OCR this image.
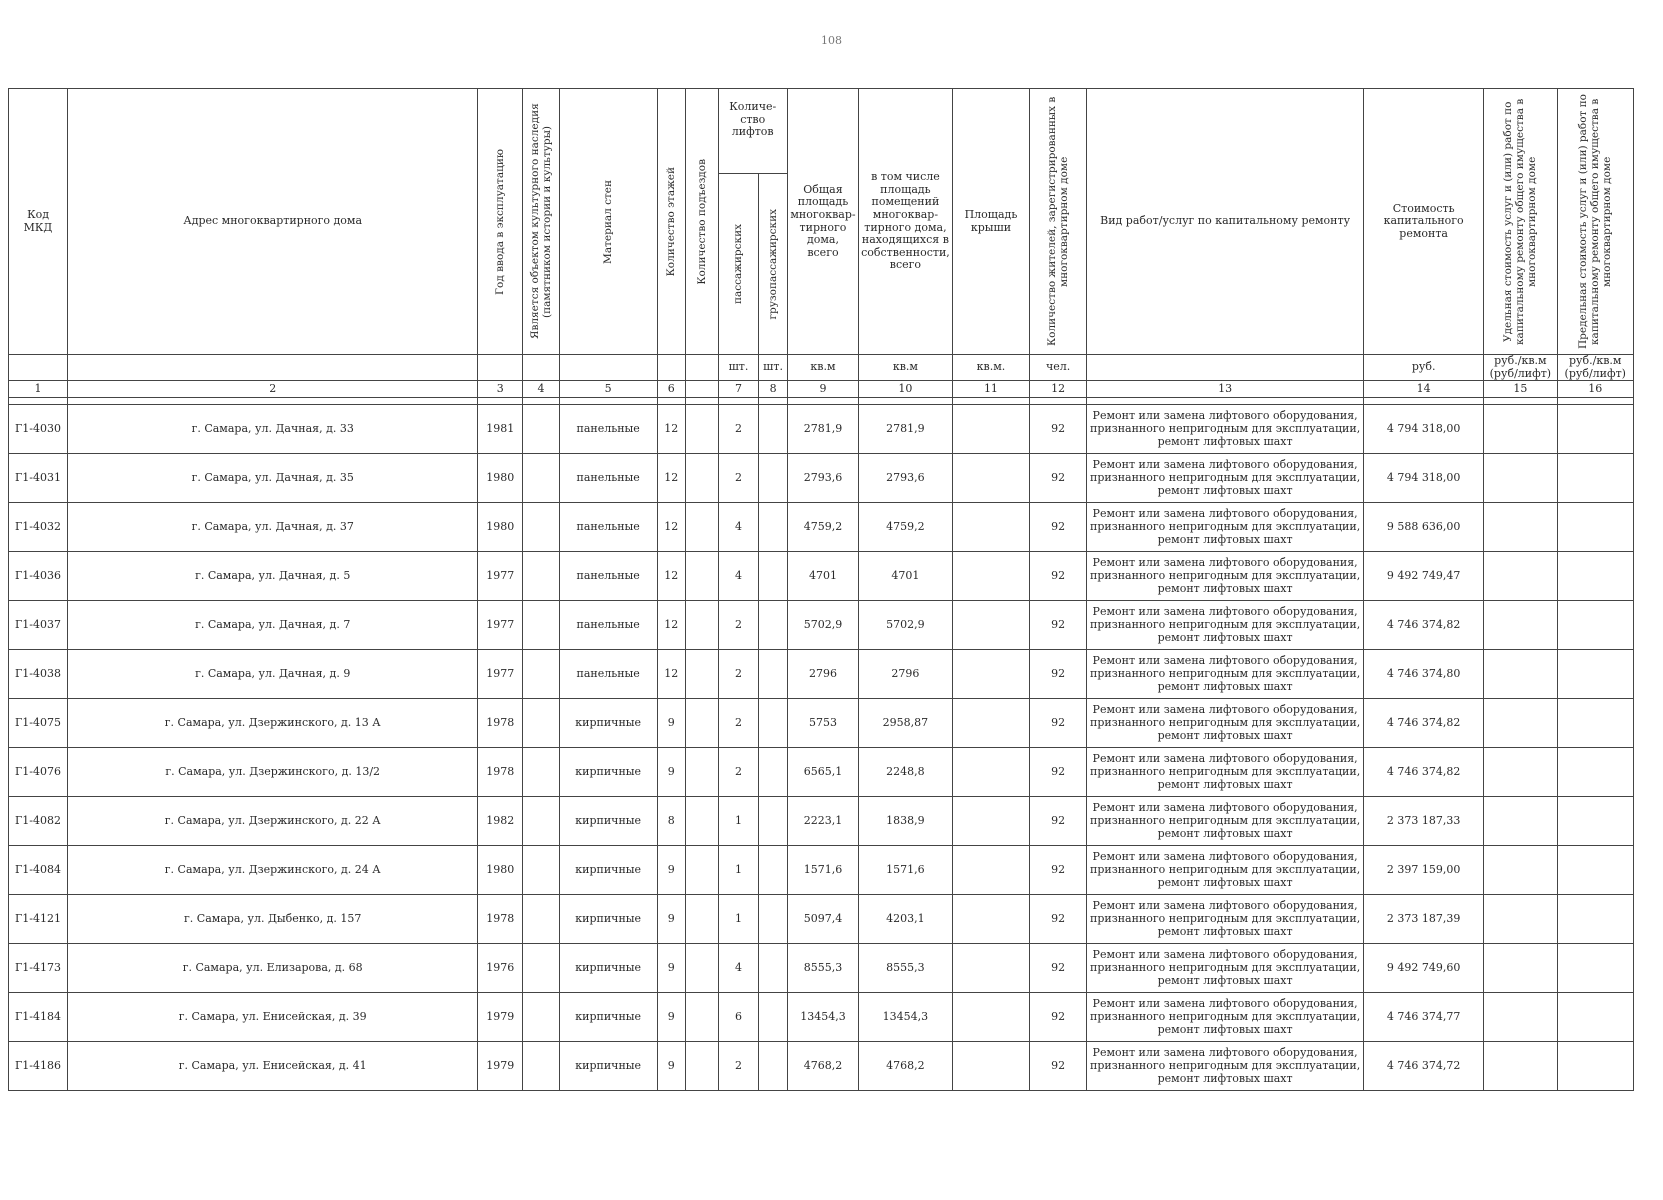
108
Код МКД	Адрес многоквартирного дома	Год ввода в эксплуатацию	Является объектом культурного наследия (памятником истории и культуры)	Материал стен	Количество этажей	Количество подъездов	Количе- ство лифтов		Общая площадь многоквар- тирного дома, всего	в том числе площадь помещений многоквар- тирного дома, находящихся в собственности, всего	Площадь крыши	Количество жителей, зарегистрированных в многоквартирном доме	Вид работ/услуг по капитальному ремонту	Стоимость капитального ремонта	Удельная стоимость услуг и (или) работ по капитальному ремонту общего имущества в многоквартирном доме	Предельная стоимость услуг и (или) работ по капитальному ремонту общего имущества в многоквартирном доме

							пассажирских	грузопассажирских								

							шт.	шт.	кв.м	кв.м	кв.м.	чел.		руб.	руб./кв.м (руб/лифт)	руб./кв.м (руб/лифт)
1	2	3	4	5	6		7	8	9	10	11	12	13	14	15	16

Г1-4030	г. Самара, ул. Дачная, д. 33	1981		панельные	12		2		2781,9	2781,9		92	Ремонт или замена лифтового оборудования, признанного непригодным для эксплуатации, ремонт лифтовых шахт	4 794 318,00		
Г1-4031	г. Самара, ул. Дачная, д. 35	1980		панельные	12		2		2793,6	2793,6		92	Ремонт или замена лифтового оборудования, признанного непригодным для эксплуатации, ремонт лифтовых шахт	4 794 318,00		
Г1-4032	г. Самара, ул. Дачная, д. 37	1980		панельные	12		4		4759,2	4759,2		92	Ремонт или замена лифтового оборудования, признанного непригодным для эксплуатации, ремонт лифтовых шахт	9 588 636,00		
Г1-4036	г. Самара, ул. Дачная, д. 5	1977		панельные	12		4		4701	4701		92	Ремонт или замена лифтового оборудования, признанного непригодным для эксплуатации, ремонт лифтовых шахт	9 492 749,47		
Г1-4037	г. Самара, ул. Дачная, д. 7	1977		панельные	12		2		5702,9	5702,9		92	Ремонт или замена лифтового оборудования, признанного непригодным для эксплуатации, ремонт лифтовых шахт	4 746 374,82		
Г1-4038	г. Самара, ул. Дачная, д. 9	1977		панельные	12		2		2796	2796		92	Ремонт или замена лифтового оборудования, признанного непригодным для эксплуатации, ремонт лифтовых шахт	4 746 374,80		
Г1-4075	г. Самара, ул. Дзержинского, д. 13 А	1978		кирпичные	9		2		5753	2958,87		92	Ремонт или замена лифтового оборудования, признанного непригодным для эксплуатации, ремонт лифтовых шахт	4 746 374,82		
Г1-4076	г. Самара, ул. Дзержинского, д. 13/2	1978		кирпичные	9		2		6565,1	2248,8		92	Ремонт или замена лифтового оборудования, признанного непригодным для эксплуатации, ремонт лифтовых шахт	4 746 374,82		
Г1-4082	г. Самара, ул. Дзержинского, д. 22 А	1982		кирпичные	8		1		2223,1	1838,9		92	Ремонт или замена лифтового оборудования, признанного непригодным для эксплуатации, ремонт лифтовых шахт	2 373 187,33		
Г1-4084	г. Самара, ул. Дзержинского, д. 24 А	1980		кирпичные	9		1		1571,6	1571,6		92	Ремонт или замена лифтового оборудования, признанного непригодным для эксплуатации, ремонт лифтовых шахт	2 397 159,00		
Г1-4121	г. Самара, ул. Дыбенко, д. 157	1978		кирпичные	9		1		5097,4	4203,1		92	Ремонт или замена лифтового оборудования, признанного непригодным для эксплуатации, ремонт лифтовых шахт	2 373 187,39		
Г1-4173	г. Самара, ул. Елизарова, д. 68	1976		кирпичные	9		4		8555,3	8555,3		92	Ремонт или замена лифтового оборудования, признанного непригодным для эксплуатации, ремонт лифтовых шахт	9 492 749,60		
Г1-4184	г. Самара, ул. Енисейская, д. 39	1979		кирпичные	9		6		13454,3	13454,3		92	Ремонт или замена лифтового оборудования, признанного непригодным для эксплуатации, ремонт лифтовых шахт	4 746 374,77		
Г1-4186	г. Самара, ул. Енисейская, д. 41	1979		кирпичные	9		2		4768,2	4768,2		92	Ремонт или замена лифтового оборудования, признанного непригодным для эксплуатации, ремонт лифтовых шахт	4 746 374,72		
